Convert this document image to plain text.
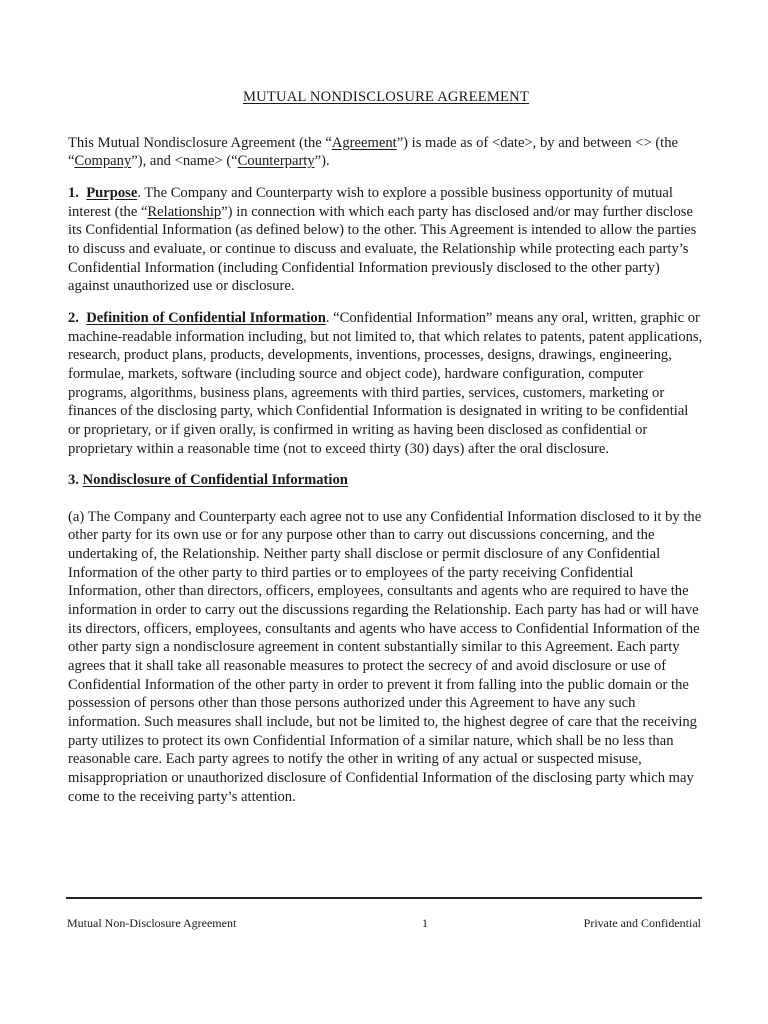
MUTUAL NONDISCLOSURE AGREEMENT

This Mutual Nondisclosure Agreement (the “Agreement”) is made as of <date>, by and between <> (the “Company”), and <name> (“Counterparty”).

1. Purpose. The Company and Counterparty wish to explore a possible business opportunity of mutual interest (the “Relationship”) in connection with which each party has disclosed and/or may further disclose its Confidential Information (as defined below) to the other. This Agreement is intended to allow the parties to discuss and evaluate, or continue to discuss and evaluate, the Relationship while protecting each party’s Confidential Information (including Confidential Information previously disclosed to the other party) against unauthorized use or disclosure.

2. Definition of Confidential Information. “Confidential Information” means any oral, written, graphic or machine-readable information including, but not limited to, that which relates to patents, patent applications, research, product plans, products, developments, inventions, processes, designs, drawings, engineering, formulae, markets, software (including source and object code), hardware configuration, computer programs, algorithms, business plans, agreements with third parties, services, customers, marketing or finances of the disclosing party, which Confidential Information is designated in writing to be confidential or proprietary, or if given orally, is confirmed in writing as having been disclosed as confidential or proprietary within a reasonable time (not to exceed thirty (30) days) after the oral disclosure.

3. Nondisclosure of Confidential Information

(a) The Company and Counterparty each agree not to use any Confidential Information disclosed to it by the other party for its own use or for any purpose other than to carry out discussions concerning, and the undertaking of, the Relationship. Neither party shall disclose or permit disclosure of any Confidential Information of the other party to third parties or to employees of the party receiving Confidential Information, other than directors, officers, employees, consultants and agents who are required to have the information in order to carry out the discussions regarding the Relationship. Each party has had or will have its directors, officers, employees, consultants and agents who have access to Confidential Information of the other party sign a nondisclosure agreement in content substantially similar to this Agreement. Each party agrees that it shall take all reasonable measures to protect the secrecy of and avoid disclosure or use of Confidential Information of the other party in order to prevent it from falling into the public domain or the possession of persons other than those persons authorized under this Agreement to have any such information. Such measures shall include, but not be limited to, the highest degree of care that the receiving party utilizes to protect its own Confidential Information of a similar nature, which shall be no less than reasonable care. Each party agrees to notify the other in writing of any actual or suspected misuse, misappropriation or unauthorized disclosure of Confidential Information of the disclosing party which may come to the receiving party’s attention.

Mutual Non-Disclosure Agreement	1	Private and Confidential
